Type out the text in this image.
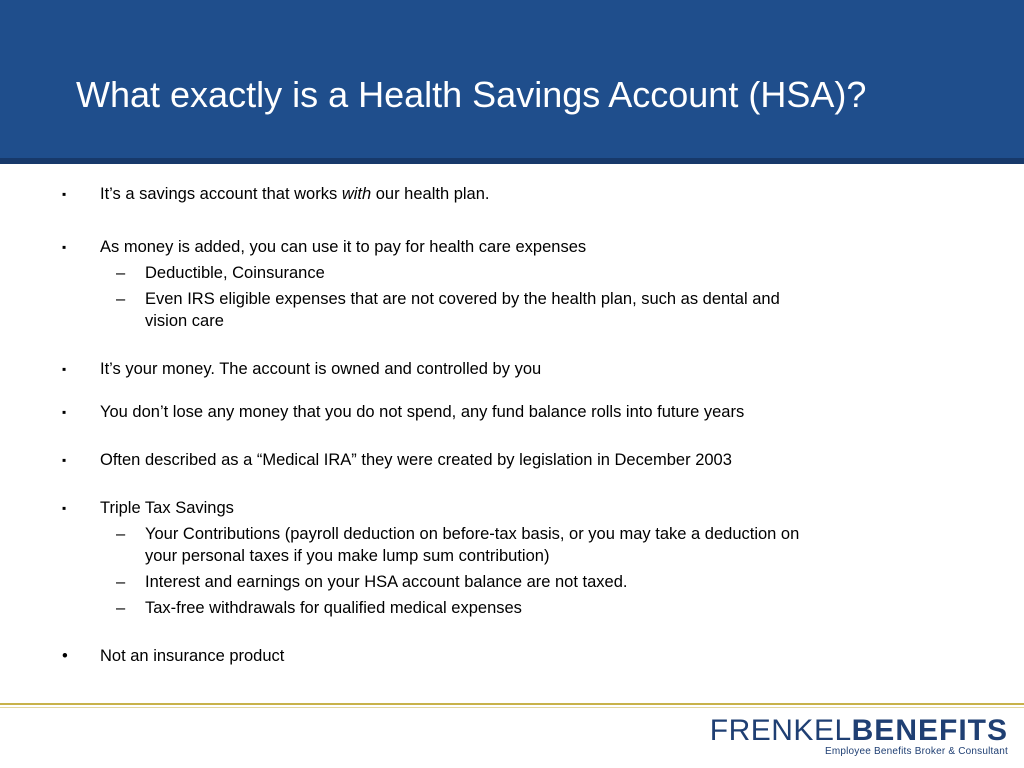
What exactly is a Health Savings Account (HSA)?
▪ It’s a savings account that works with our health plan.
▪ As money is added, you can use it to pay for health care expenses
– Deductible, Coinsurance
– Even IRS eligible expenses that are not covered by the health plan, such as dental and
vision care
▪ It’s your money. The account is owned and controlled by you
▪ You don’t lose any money that you do not spend, any fund balance rolls into future years
▪ Often described as a “Medical IRA” they were created by legislation in December 2003
▪ Triple Tax Savings
– Your Contributions (payroll deduction on before-tax basis, or you may take a deduction on
your personal taxes if you make lump sum contribution)
– Interest and earnings on your HSA account balance are not taxed.
– Tax-free withdrawals for qualified medical expenses
• Not an insurance product
FRENKELBENEFITS
Employee Benefits Broker & Consultant
